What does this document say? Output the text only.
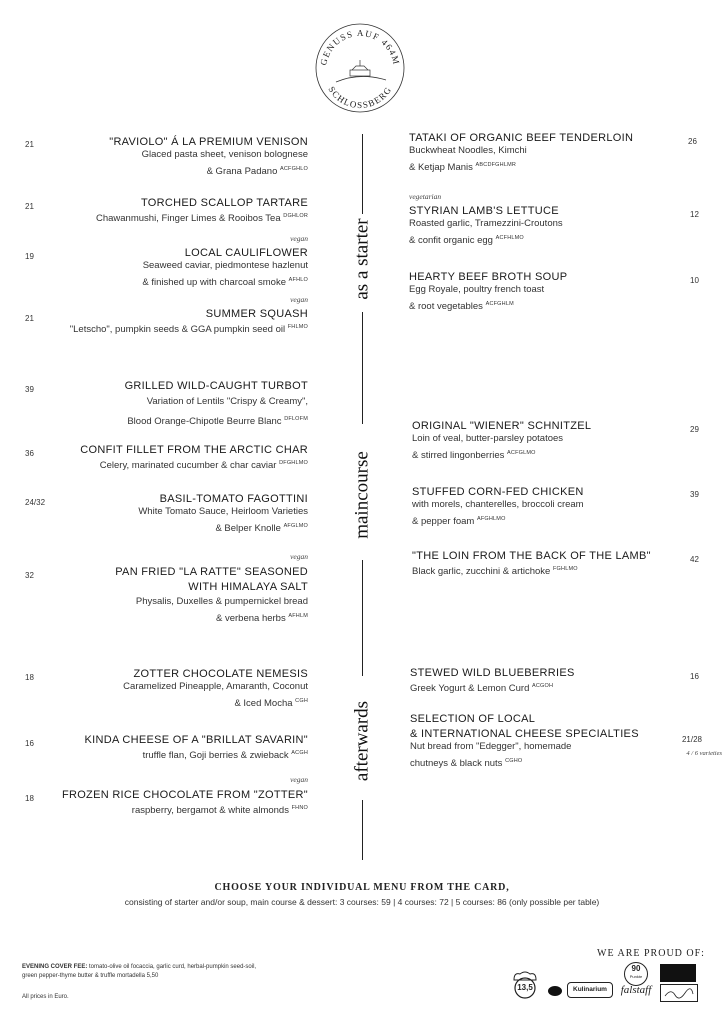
GENUSS AUF 464M
SCHLOSSBERG
as a starter
maincourse
afterwards
21	"RAVIOLO" Á LA PREMIUM VENISON
Glaced pasta sheet, venison bolognese
& Grana Padano $^{ACFGHLO}$
21	TORCHED SCALLOP TARTARE
Chawanmushi, Finger Limes & Rooibos Tea $^{DGHLOR}$
vegan
19	LOCAL CAULIFLOWER
Seaweed caviar, piedmontese hazlenut
& finished up with charcoal smoke $^{AFHLO}$
vegan
21	SUMMER SQUASH
"Letscho", pumpkin seeds & GGA pumpkin seed oil $^{FHLMO}$
TATAKI OF ORGANIC BEEF TENDERLOIN
Buckwheat Noodles, Kimchi
& Ketjap Manis $^{ABCDFGHLMR}$
26
vegetarian
STYRIAN LAMB'S LETTUCE
Roasted garlic, Tramezzini-Croutons
& confit organic egg $^{ACFHLMO}$
12
HEARTY BEEF BROTH SOUP
Egg Royale, poultry french toast
& root vegetables $^{ACFGHLM}$
10
39	GRILLED WILD-CAUGHT TURBOT
Variation of Lentils "Crispy & Creamy",
Blood Orange-Chipotle Beurre Blanc $^{DFLOFM}$
36	CONFIT FILLET FROM THE ARCTIC CHAR
Celery, marinated cucumber & char caviar $^{DFGHLMO}$
24/32	BASIL-TOMATO FAGOTTINI
White Tomato Sauce, Heirloom Varieties
& Belper Knolle $^{AFGLMO}$
vegan
32	PAN FRIED "LA RATTE" SEASONED
WITH HIMALAYA SALT
Physalis, Duxelles & pumpernickel bread
& verbena herbs $^{AFHLM}$
ORIGINAL "WIENER" SCHNITZEL
Loin of veal, butter-parsley potatoes
& stirred lingonberries $^{ACFGLMO}$
29
STUFFED CORN-FED CHICKEN
with morels, chanterelles, broccoli cream
& pepper foam $^{AFGHLMO}$
39
"THE LOIN FROM THE BACK OF THE LAMB"
Black garlic, zucchini & artichoke $^{FGHLMO}$
42
18	ZOTTER CHOCOLATE NEMESIS
Caramelized Pineapple, Amaranth, Coconut
& Iced Mocha $^{CGH}$
16	KINDA CHEESE OF A "BRILLAT SAVARIN"
truffle flan, Goji berries & zwieback $^{ACGH}$
vegan
18	FROZEN RICE CHOCOLATE FROM "ZOTTER"
raspberry, bergamot & white almonds $^{FHNO}$
STEWED WILD BLUEBERRIES
Greek Yogurt & Lemon Curd $^{ACGOH}$
16
SELECTION OF LOCAL
& INTERNATIONAL CHEESE SPECIALTIES
Nut bread from "Edegger", homemade
chutneys & black nuts $^{CGHO}$
21/28
4 / 6 varieties
CHOOSE YOUR INDIVIDUAL MENU FROM THE CARD,
consisting of starter and/or soup, main course & dessert: 3 courses: 59 | 4 courses: 72 | 5 courses: 86 (only possible per table)
EVENING COVER FEE: tomato-olive oil focaccia, garlic curd, herbal-pumpkin seed-soil,
green pepper-thyme butter & truffle mortadella 5,50
All prices in Euro.
WE ARE PROUD OF:
13,5	Kulinarium
90
Punkte
falstaff
